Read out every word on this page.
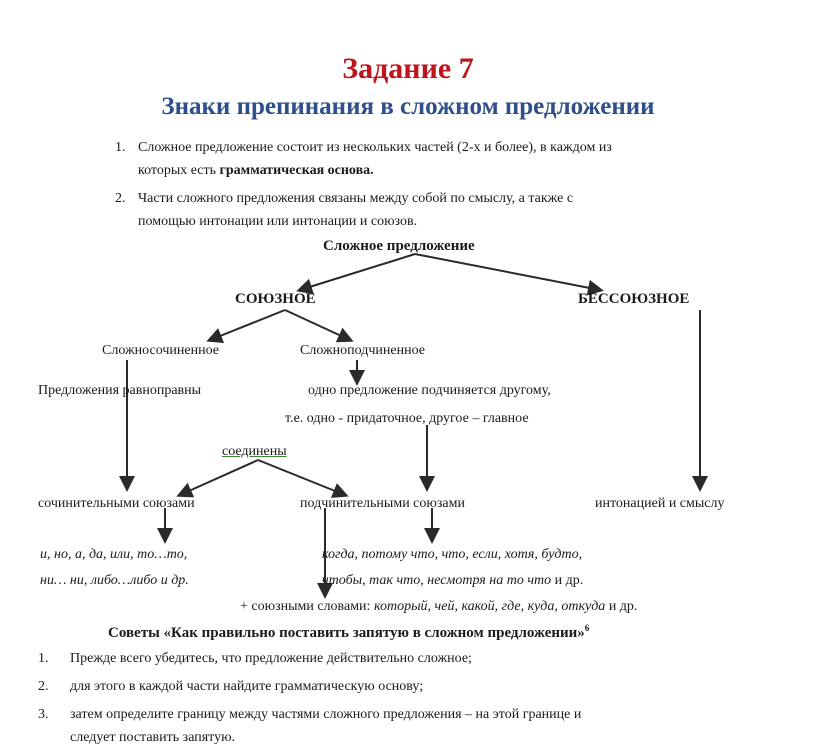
Задание 7
Знаки препинания в сложном предложении
1. Сложное предложение состоит из нескольких частей (2-х и более), в каждом из
которых есть грамматическая основа.
2. Части сложного предложения связаны между собой по смыслу, а также с
помощью интонации или интонации и союзов.
Сложное предложение
СОЮЗНОЕ	БЕССОЮЗНОЕ
Сложносочиненное	Сложноподчиненное
Предложения равноправны	одно предложение подчиняется другому,
т.е. одно - придаточное, другое – главное
соединены
сочинительными союзами	подчинительными союзами	интонацией и смыслу
и, но, а, да, или, то…то,
ни… ни, либо…либо и др.
когда, потому что, что, если, хотя, будто,
чтобы, так что, несмотря на то что и др.
+ союзными словами: который, чей, какой, где, куда, откуда и др.
Советы «Как правильно поставить запятую в сложном предложении»$^6$
1. Прежде всего убедитесь, что предложение действительно сложное;
2. для этого в каждой части найдите грамматическую основу;
3. затем определите границу между частями сложного предложения – на этой границе и
следует поставить запятую.
